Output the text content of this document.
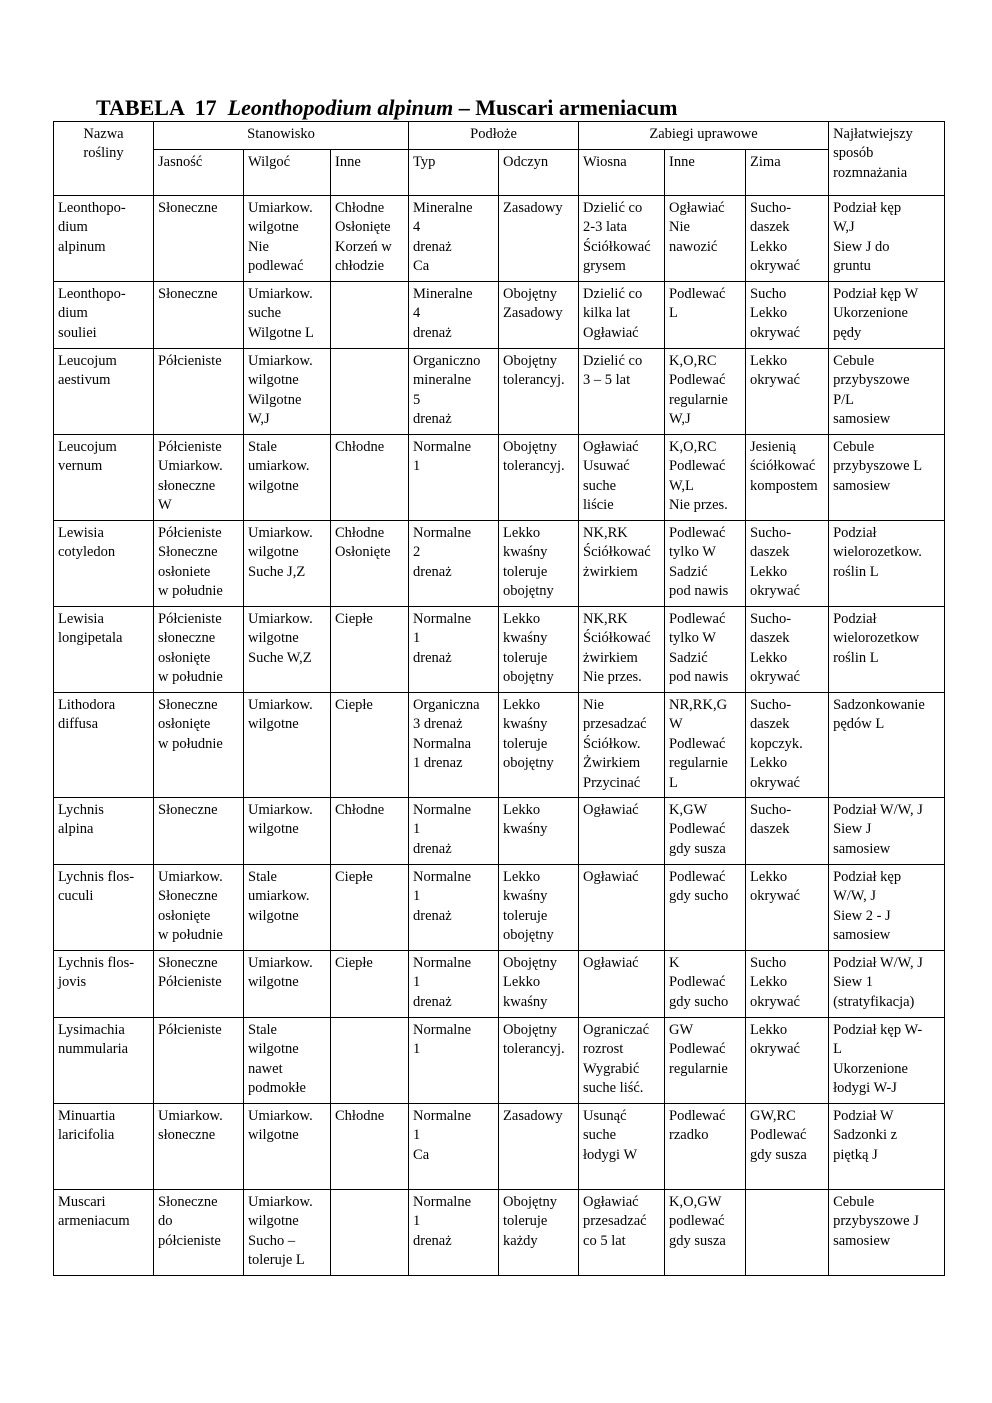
TABELA  17  Leonthopodium alpinum – Muscari armeniacum
Nazwa
rośliny	Stanowisko			Podłoże		Zabiegi uprawowe			Najłatwiejszy
sposób
rozmnażania

	Jasność	Wilgoć	Inne	Typ	Odczyn	Wiosna	Inne	Zima	

Leonthopo-
dium
alpinum	Słoneczne	Umiarkow.
wilgotne
Nie
podlewać	Chłodne
Osłonięte
Korzeń w
chłodzie	Mineralne
4
drenaż
Ca	Zasadowy	Dzielić co
2-3 lata
Ściółkować
grysem	Ogławiać
Nie
nawozić	Sucho-
daszek
Lekko
okrywać	Podział kęp
W,J
Siew J do
gruntu

Leonthopo-
dium
souliei	Słoneczne	Umiarkow.
suche
Wilgotne L		Mineralne
4
drenaż	Obojętny
Zasadowy	Dzielić co
kilka lat
Ogławiać	Podlewać
L	Sucho
Lekko
okrywać	Podział kęp W
Ukorzenione
pędy

Leucojum
aestivum	Półcieniste	Umiarkow.
wilgotne
Wilgotne
W,J		Organiczno
mineralne
5
drenaż	Obojętny
tolerancyj.	Dzielić co
3 – 5 lat	K,O,RC
Podlewać
regularnie
W,J	Lekko
okrywać	Cebule
przybyszowe
P/L
samosiew

Leucojum
vernum	Półcieniste
Umiarkow.
słoneczne
W	Stale
umiarkow.
wilgotne	Chłodne	Normalne
1	Obojętny
tolerancyj.	Ogławiać
Usuwać
suche
liście	K,O,RC
Podlewać
W,L
Nie przes.	Jesienią
ściółkować
kompostem	Cebule
przybyszowe L
samosiew

Lewisia
cotyledon	Półcieniste
Słoneczne
osłoniete
w południe	Umiarkow.
wilgotne
Suche J,Z	Chłodne
Osłonięte	Normalne
2
drenaż	Lekko
kwaśny
toleruje
obojętny	NK,RK
Ściółkować
żwirkiem	Podlewać
tylko W
Sadzić
pod nawis	Sucho-
daszek
Lekko
okrywać	Podział
wielorozetkow.
roślin L

Lewisia
longipetala	Półcieniste
słoneczne
osłonięte
w południe	Umiarkow.
wilgotne
Suche W,Z	Ciepłe	Normalne
1
drenaż	Lekko
kwaśny
toleruje
obojętny	NK,RK
Ściółkować
żwirkiem
Nie przes.	Podlewać
tylko W
Sadzić
pod nawis	Sucho-
daszek
Lekko
okrywać	Podział
wielorozetkow
roślin L

Lithodora
diffusa	Słoneczne
osłonięte
w południe	Umiarkow.
wilgotne	Ciepłe	Organiczna
3 drenaż
Normalna
1 drenaz	Lekko
kwaśny
toleruje
obojętny	Nie
przesadzać
Ściółkow.
Żwirkiem
Przycinać	NR,RK,G
W
Podlewać
regularnie
L	Sucho-
daszek
kopczyk.
Lekko
okrywać	Sadzonkowanie
pędów L

Lychnis
alpina	Słoneczne	Umiarkow.
wilgotne	Chłodne	Normalne
1
drenaż	Lekko
kwaśny	Ogławiać	K,GW
Podlewać
gdy susza	Sucho-
daszek	Podział W/W, J
Siew J
samosiew

Lychnis flos-
cuculi	Umiarkow.
Słoneczne
osłonięte
w południe	Stale
umiarkow.
wilgotne	Ciepłe	Normalne
1
drenaż	Lekko
kwaśny
toleruje
obojętny	Ogławiać	Podlewać
gdy sucho	Lekko
okrywać	Podział kęp
W/W, J
Siew 2 - J
samosiew

Lychnis flos-
jovis	Słoneczne
Półcieniste	Umiarkow.
wilgotne	Ciepłe	Normalne
1
drenaż	Obojętny
Lekko
kwaśny	Ogławiać	K
Podlewać
gdy sucho	Sucho
Lekko
okrywać	Podział W/W, J
Siew 1
(stratyfikacja)

Lysimachia
nummularia	Półcieniste	Stale
wilgotne
nawet
podmokłe		Normalne
1	Obojętny
tolerancyj.	Ograniczać
rozrost
Wygrabić
suche liść.	GW
Podlewać
regularnie	Lekko
okrywać	Podział kęp W-
L
Ukorzenione
łodygi W-J

Minuartia
laricifolia	Umiarkow.
słoneczne	Umiarkow.
wilgotne	Chłodne	Normalne
1
Ca	Zasadowy	Usunąć
suche
łodygi W	Podlewać
rzadko	GW,RC
Podlewać
gdy susza	Podział W
Sadzonki z
piętką J

Muscari
armeniacum	Słoneczne
do
półcieniste	Umiarkow.
wilgotne
Sucho –
toleruje L		Normalne
1
drenaż	Obojętny
toleruje
każdy	Ogławiać
przesadzać
co 5 lat	K,O,GW
podlewać
gdy susza		Cebule
przybyszowe J
samosiew
